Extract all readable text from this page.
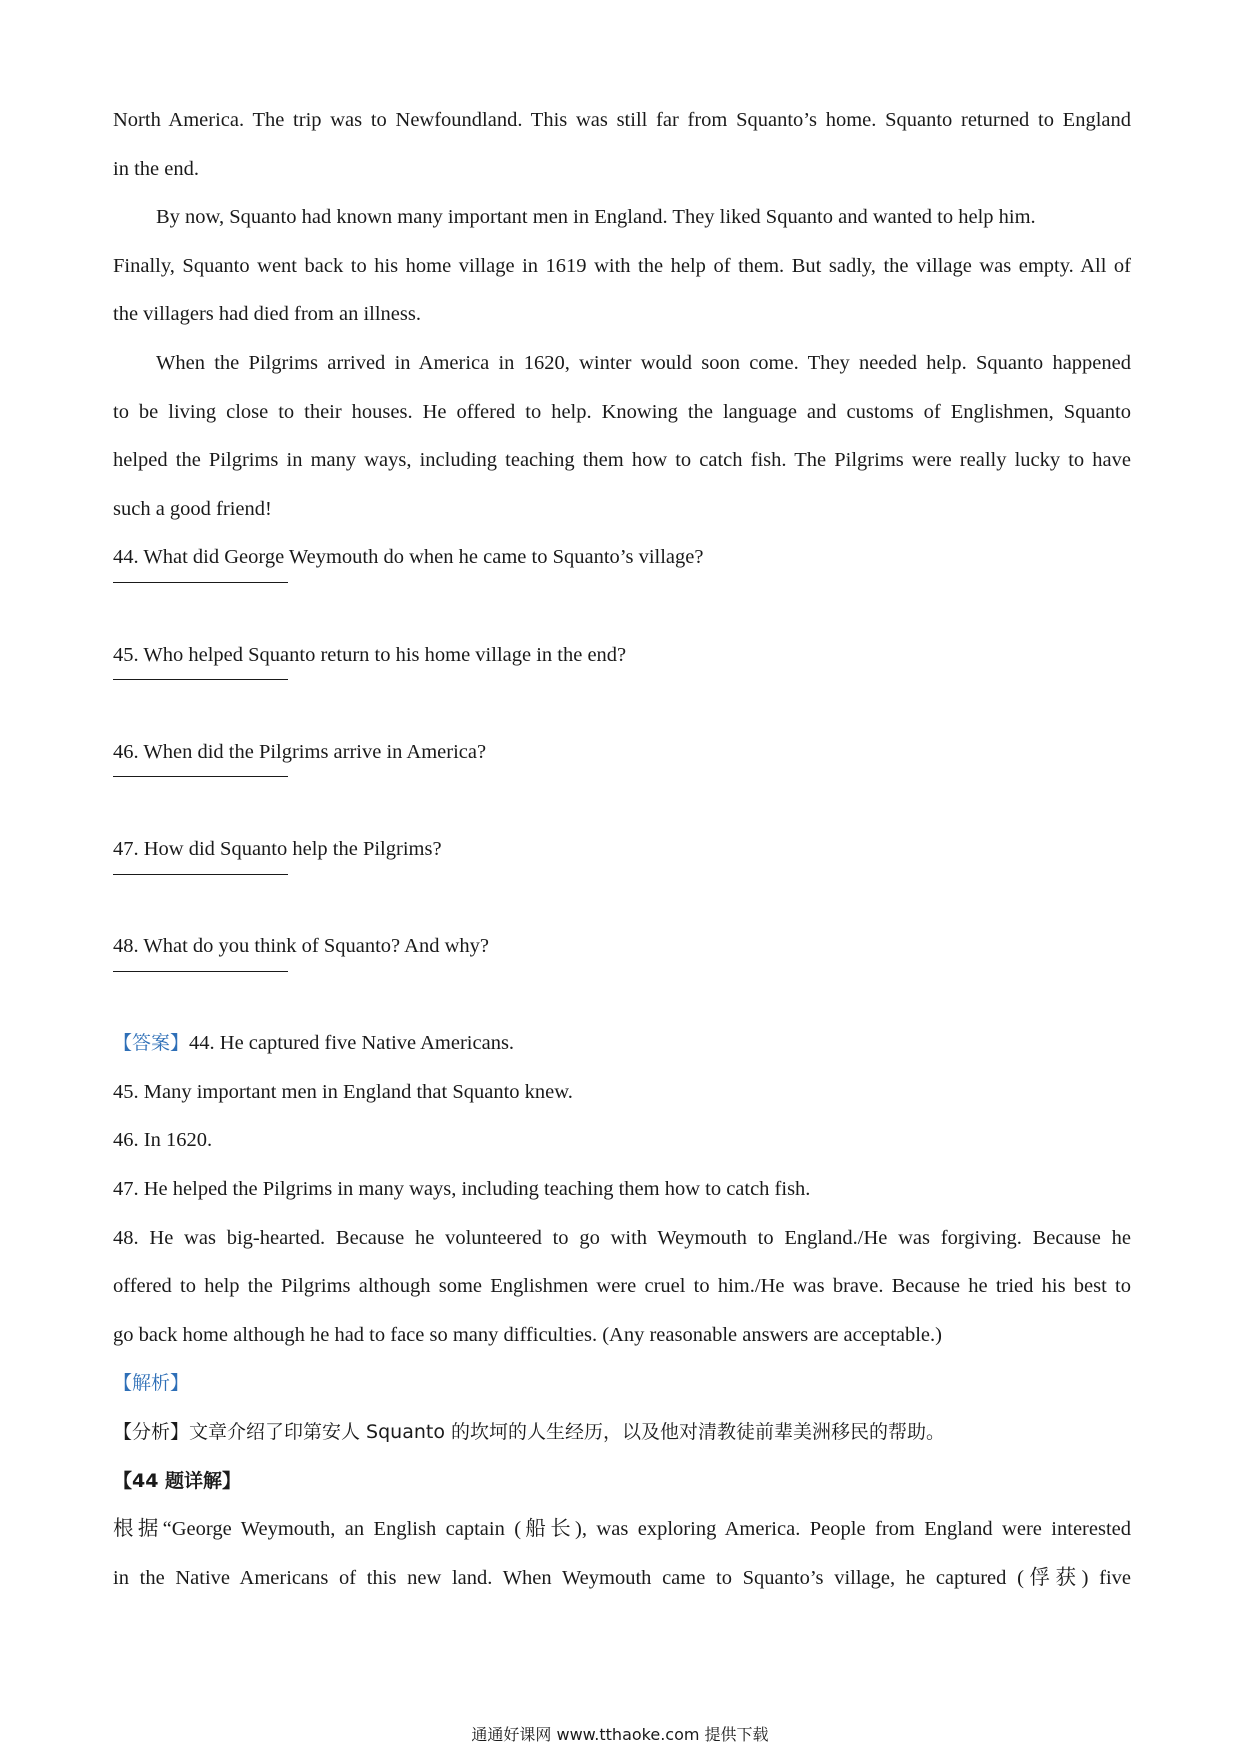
North America. The trip was to Newfoundland. This was still far from Squanto’s home. Squanto returned to England
in the end.
By now, Squanto had known many important men in England. They liked Squanto and wanted to help him.
Finally, Squanto went back to his home village in 1619 with the help of them. But sadly, the village was empty. All of
the villagers had died from an illness.
When the Pilgrims arrived in America in 1620, winter would soon come. They needed help. Squanto happened
to be living close to their houses. He offered to help. Knowing the language and customs of Englishmen, Squanto
helped the Pilgrims in many ways, including teaching them how to catch fish. The Pilgrims were really lucky to have
such a good friend!
44. What did George Weymouth do when he came to Squanto’s village?
45. Who helped Squanto return to his home village in the end?
46. When did the Pilgrims arrive in America?
47. How did Squanto help the Pilgrims?
48. What do you think of Squanto? And why?
【答案】44. He captured five Native Americans.
45. Many important men in England that Squanto knew.
46. In 1620.
47. He helped the Pilgrims in many ways, including teaching them how to catch fish.
48. He was big-hearted. Because he volunteered to go with Weymouth to England./He was forgiving. Because he
offered to help the Pilgrims although some Englishmen were cruel to him./He was brave. Because he tried his best to
go back home although he had to face so many difficulties. (Any reasonable answers are acceptable.)
【解析】
【分析】文章介绍了印第安人 Squanto 的坎坷的人生经历，以及他对清教徒前辈美洲移民的帮助。
【44 题详解】
根据“George Weymouth, an English captain (船长), was exploring America. People from England were interested
in the Native Americans of this new land. When Weymouth came to Squanto’s village, he captured (俘获) five
通通好课网 www.tthaoke.com 提供下载
